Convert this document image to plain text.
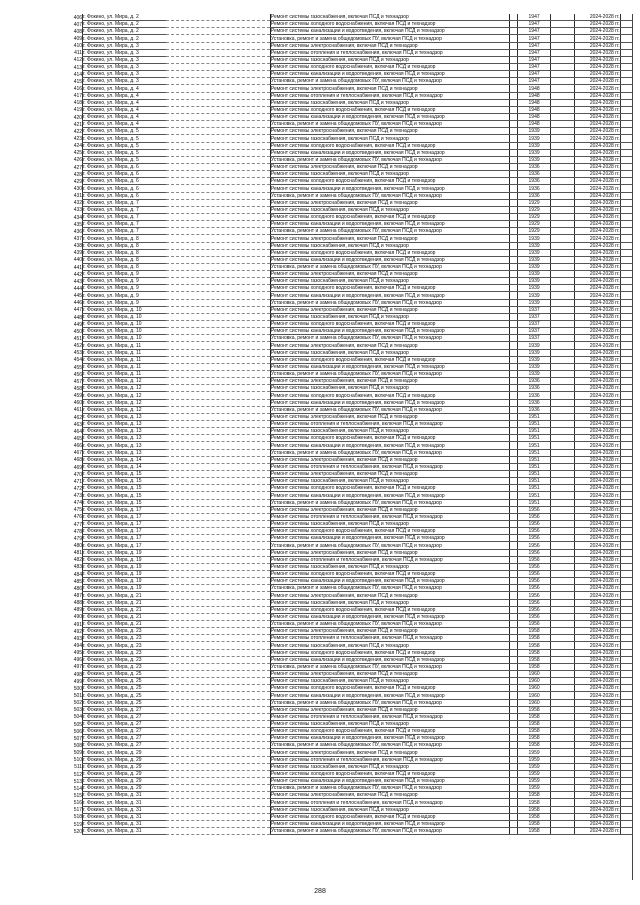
406	г. Фокино, ул. Мира, д. 2		Ремонт системы газоснабжения, включая ПСД и технадзор		1947		2024-2028 гг.	
407	г. Фокино, ул. Мира, д. 2		Ремонт системы холодного водоснабжения, включая ПСД и технадзор		1947		2024-2028 гг.	
408	г. Фокино, ул. Мира, д. 2		Ремонт системы канализации и водоотведения, включая ПСД и технадзор		1947		2024-2028 гг.	
409	г. Фокино, ул. Мира, д. 2		Установка, ремонт и замена общедомовых ПУ, включая ПСД и технадзор		1947		2024-2028 гг.	
410	г. Фокино, ул. Мира, д. 3		Ремонт системы электроснабжения, включая ПСД и технадзор		1947		2024-2028 гг.	
411	г. Фокино, ул. Мира, д. 3		Ремонт системы отопления и теплоснабжения, включая ПСД и технадзор		1947		2024-2028 гг.	
412	г. Фокино, ул. Мира, д. 3		Ремонт системы газоснабжения, включая ПСД и технадзор		1947		2024-2028 гг.	
413	г. Фокино, ул. Мира, д. 3		Ремонт системы холодного водоснабжения, включая ПСД и технадзор		1947		2024-2028 гг.	
414	г. Фокино, ул. Мира, д. 3		Ремонт системы канализации и водоотведения, включая ПСД и технадзор		1947		2024-2028 гг.	
415	г. Фокино, ул. Мира, д. 3		Установка, ремонт и замена общедомовых ПУ, включая ПСД и технадзор		1947		2024-2028 гг.	
416	г. Фокино, ул. Мира, д. 4		Ремонт системы электроснабжения, включая ПСД и технадзор		1948		2024-2028 гг.	
417	г. Фокино, ул. Мира, д. 4		Ремонт системы отопления и теплоснабжения, включая ПСД и технадзор		1948		2024-2028 гг.	
418	г. Фокино, ул. Мира, д. 4		Ремонт системы газоснабжения, включая ПСД и технадзор		1948		2024-2028 гг.	
419	г. Фокино, ул. Мира, д. 4		Ремонт системы холодного водоснабжения, включая ПСД и технадзор		1948		2024-2028 гг.	
420	г. Фокино, ул. Мира, д. 4		Ремонт системы канализации и водоотведения, включая ПСД и технадзор		1948		2024-2028 гг.	
421	г. Фокино, ул. Мира, д. 4		Установка, ремонт и замена общедомовых ПУ, включая ПСД и технадзор		1948		2024-2028 гг.	
422	г. Фокино, ул. Мира, д. 5		Ремонт системы электроснабжения, включая ПСД и технадзор		1939		2024-2028 гг.	
423	г. Фокино, ул. Мира, д. 5		Ремонт системы газоснабжения, включая ПСД и технадзор		1939		2024-2028 гг.	
424	г. Фокино, ул. Мира, д. 5		Ремонт системы холодного водоснабжения, включая ПСД и технадзор		1939		2024-2028 гг.	
425	г. Фокино, ул. Мира, д. 5		Ремонт системы канализации и водоотведения, включая ПСД и технадзор		1939		2024-2028 гг.	
426	г. Фокино, ул. Мира, д. 5		Установка, ремонт и замена общедомовых ПУ, включая ПСД и технадзор		1939		2024-2028 гг.	
427	г. Фокино, ул. Мира, д. 6		Ремонт системы электроснабжения, включая ПСД и технадзор		1936		2024-2028 гг.	
428	г. Фокино, ул. Мира, д. 6		Ремонт системы газоснабжения, включая ПСД и технадзор		1936		2024-2028 гг.	
429	г. Фокино, ул. Мира, д. 6		Ремонт системы холодного водоснабжения, включая ПСД и технадзор		1936		2024-2028 гг.	
430	г. Фокино, ул. Мира, д. 6		Ремонт системы канализации и водоотведения, включая ПСД и технадзор		1936		2024-2028 гг.	
431	г. Фокино, ул. Мира, д. 6		Установка, ремонт и замена общедомовых ПУ, включая ПСД и технадзор		1936		2024-2028 гг.	
432	г. Фокино, ул. Мира, д. 7		Ремонт системы электроснабжения, включая ПСД и технадзор		1929		2024-2028 гг.	
433	г. Фокино, ул. Мира, д. 7		Ремонт системы газоснабжения, включая ПСД и технадзор		1929		2024-2028 гг.	
434	г. Фокино, ул. Мира, д. 7		Ремонт системы холодного водоснабжения, включая ПСД и технадзор		1929		2024-2028 гг.	
435	г. Фокино, ул. Мира, д. 7		Ремонт системы канализации и водоотведения, включая ПСД и технадзор		1929		2024-2028 гг.	
436	г. Фокино, ул. Мира, д. 7		Установка, ремонт и замена общедомовых ПУ, включая ПСД и технадзор		1929		2024-2028 гг.	
437	г. Фокино, ул. Мира, д. 8		Ремонт системы электроснабжения, включая ПСД и технадзор		1939		2024-2028 гг.	
438	г. Фокино, ул. Мира, д. 8		Ремонт системы газоснабжения, включая ПСД и технадзор		1939		2024-2028 гг.	
439	г. Фокино, ул. Мира, д. 8		Ремонт системы холодного водоснабжения, включая ПСД и технадзор		1939		2024-2028 гг.	
440	г. Фокино, ул. Мира, д. 8		Ремонт системы канализации и водоотведения, включая ПСД и технадзор		1939		2024-2028 гг.	
441	г. Фокино, ул. Мира, д. 8		Установка, ремонт и замена общедомовых ПУ, включая ПСД и технадзор		1939		2024-2028 гг.	
442	г. Фокино, ул. Мира, д. 9		Ремонт системы электроснабжения, включая ПСД и технадзор		1939		2024-2028 гг.	
443	г. Фокино, ул. Мира, д. 9		Ремонт системы газоснабжения, включая ПСД и технадзор		1939		2024-2028 гг.	
444	г. Фокино, ул. Мира, д. 9		Ремонт системы холодного водоснабжения, включая ПСД и технадзор		1939		2024-2028 гг.	
445	г. Фокино, ул. Мира, д. 9		Ремонт системы канализации и водоотведения, включая ПСД и технадзор		1939		2024-2028 гг.	
446	г. Фокино, ул. Мира, д. 9		Установка, ремонт и замена общедомовых ПУ, включая ПСД и технадзор		1939		2024-2028 гг.	
447	г. Фокино, ул. Мира, д. 10		Ремонт системы электроснабжения, включая ПСД и технадзор		1937		2024-2028 гг.	
448	г. Фокино, ул. Мира, д. 10		Ремонт системы газоснабжения, включая ПСД и технадзор		1937		2024-2028 гг.	
449	г. Фокино, ул. Мира, д. 10		Ремонт системы холодного водоснабжения, включая ПСД и технадзор		1937		2024-2028 гг.	
450	г. Фокино, ул. Мира, д. 10		Ремонт системы канализации и водоотведения, включая ПСД и технадзор		1937		2024-2028 гг.	
451	г. Фокино, ул. Мира, д. 10		Установка, ремонт и замена общедомовых ПУ, включая ПСД и технадзор		1937		2024-2028 гг.	
452	г. Фокино, ул. Мира, д. 11		Ремонт системы электроснабжения, включая ПСД и технадзор		1939		2024-2028 гг.	
453	г. Фокино, ул. Мира, д. 11		Ремонт системы газоснабжения, включая ПСД и технадзор		1939		2024-2028 гг.	
454	г. Фокино, ул. Мира, д. 11		Ремонт системы холодного водоснабжения, включая ПСД и технадзор		1939		2024-2028 гг.	
455	г. Фокино, ул. Мира, д. 11		Ремонт системы канализации и водоотведения, включая ПСД и технадзор		1939		2024-2028 гг.	
456	г. Фокино, ул. Мира, д. 11		Установка, ремонт и замена общедомовых ПУ, включая ПСД и технадзор		1939		2024-2028 гг.	
457	г. Фокино, ул. Мира, д. 12		Ремонт системы электроснабжения, включая ПСД и технадзор		1936		2024-2028 гг.	
458	г. Фокино, ул. Мира, д. 12		Ремонт системы газоснабжения, включая ПСД и технадзор		1936		2024-2028 гг.	
459	г. Фокино, ул. Мира, д. 12		Ремонт системы холодного водоснабжения, включая ПСД и технадзор		1936		2024-2028 гг.	
460	г. Фокино, ул. Мира, д. 12		Ремонт системы канализации и водоотведения, включая ПСД и технадзор		1936		2024-2028 гг.	
461	г. Фокино, ул. Мира, д. 12		Установка, ремонт и замена общедомовых ПУ, включая ПСД и технадзор		1936		2024-2028 гг.	
462	г. Фокино, ул. Мира, д. 13		Ремонт системы электроснабжения, включая ПСД и технадзор		1951		2024-2028 гг.	
463	г. Фокино, ул. Мира, д. 13		Ремонт системы отопления и теплоснабжения, включая ПСД и технадзор		1951		2024-2028 гг.	
464	г. Фокино, ул. Мира, д. 13		Ремонт системы газоснабжения, включая ПСД и технадзор		1951		2024-2028 гг.	
465	г. Фокино, ул. Мира, д. 13		Ремонт системы холодного водоснабжения, включая ПСД и технадзор		1951		2024-2028 гг.	
466	г. Фокино, ул. Мира, д. 13		Ремонт системы канализации и водоотведения, включая ПСД и технадзор		1951		2024-2028 гг.	
467	г. Фокино, ул. Мира, д. 13		Установка, ремонт и замена общедомовых ПУ, включая ПСД и технадзор		1951		2024-2028 гг.	
468	г. Фокино, ул. Мира, д. 14		Ремонт системы электроснабжения, включая ПСД и технадзор		1951		2024-2028 гг.	
469	г. Фокино, ул. Мира, д. 14		Ремонт системы отопления и теплоснабжения, включая ПСД и технадзор		1951		2024-2028 гг.	
470	г. Фокино, ул. Мира, д. 15		Ремонт системы электроснабжения, включая ПСД и технадзор		1951		2024-2028 гг.	
471	г. Фокино, ул. Мира, д. 15		Ремонт системы газоснабжения, включая ПСД и технадзор		1951		2024-2028 гг.	
472	г. Фокино, ул. Мира, д. 15		Ремонт системы холодного водоснабжения, включая ПСД и технадзор		1951		2024-2028 гг.	
473	г. Фокино, ул. Мира, д. 15		Ремонт системы канализации и водоотведения, включая ПСД и технадзор		1951		2024-2028 гг.	
474	г. Фокино, ул. Мира, д. 15		Установка, ремонт и замена общедомовых ПУ, включая ПСД и технадзор		1951		2024-2028 гг.	
475	г. Фокино, ул. Мира, д. 17		Ремонт системы электроснабжения, включая ПСД и технадзор		1956		2024-2028 гг.	
476	г. Фокино, ул. Мира, д. 17		Ремонт системы отопления и теплоснабжения, включая ПСД и технадзор		1956		2024-2028 гг.	
477	г. Фокино, ул. Мира, д. 17		Ремонт системы газоснабжения, включая ПСД и технадзор		1956		2024-2028 гг.	
478	г. Фокино, ул. Мира, д. 17		Ремонт системы холодного водоснабжения, включая ПСД и технадзор		1956		2024-2028 гг.	
479	г. Фокино, ул. Мира, д. 17		Ремонт системы канализации и водоотведения, включая ПСД и технадзор		1956		2024-2028 гг.	
480	г. Фокино, ул. Мира, д. 17		Установка, ремонт и замена общедомовых ПУ, включая ПСД и технадзор		1956		2024-2028 гг.	
481	г. Фокино, ул. Мира, д. 19		Ремонт системы электроснабжения, включая ПСД и технадзор		1956		2024-2028 гг.	
482	г. Фокино, ул. Мира, д. 19		Ремонт системы отопления и теплоснабжения, включая ПСД и технадзор		1956		2024-2028 гг.	
483	г. Фокино, ул. Мира, д. 19		Ремонт системы газоснабжения, включая ПСД и технадзор		1956		2024-2028 гг.	
484	г. Фокино, ул. Мира, д. 19		Ремонт системы холодного водоснабжения, включая ПСД и технадзор		1956		2024-2028 гг.	
485	г. Фокино, ул. Мира, д. 19		Ремонт системы канализации и водоотведения, включая ПСД и технадзор		1956		2024-2028 гг.	
486	г. Фокино, ул. Мира, д. 19		Установка, ремонт и замена общедомовых ПУ, включая ПСД и технадзор		1956		2024-2028 гг.	
487	г. Фокино, ул. Мира, д. 21		Ремонт системы электроснабжения, включая ПСД и технадзор		1956		2024-2028 гг.	
488	г. Фокино, ул. Мира, д. 21		Ремонт системы газоснабжения, включая ПСД и технадзор		1956		2024-2028 гг.	
489	г. Фокино, ул. Мира, д. 21		Ремонт системы холодного водоснабжения, включая ПСД и технадзор		1956		2024-2028 гг.	
490	г. Фокино, ул. Мира, д. 21		Ремонт системы канализации и водоотведения, включая ПСД и технадзор		1956		2024-2028 гг.	
491	г. Фокино, ул. Мира, д. 21		Установка, ремонт и замена общедомовых ПУ, включая ПСД и технадзор		1956		2024-2028 гг.	
492	г. Фокино, ул. Мира, д. 23		Ремонт системы электроснабжения, включая ПСД и технадзор		1958		2024-2028 гг.	
493	г. Фокино, ул. Мира, д. 23		Ремонт системы отопления и теплоснабжения, включая ПСД и технадзор		1958		2024-2028 гг.	
494	г. Фокино, ул. Мира, д. 23		Ремонт системы газоснабжения, включая ПСД и технадзор		1958		2024-2028 гг.	
495	г. Фокино, ул. Мира, д. 23		Ремонт системы холодного водоснабжения, включая ПСД и технадзор		1958		2024-2028 гг.	
496	г. Фокино, ул. Мира, д. 23		Ремонт системы канализации и водоотведения, включая ПСД и технадзор		1958		2024-2028 гг.	
497	г. Фокино, ул. Мира, д. 23		Установка, ремонт и замена общедомовых ПУ, включая ПСД и технадзор		1958		2024-2028 гг.	
498	г. Фокино, ул. Мира, д. 25		Ремонт системы электроснабжения, включая ПСД и технадзор		1960		2024-2028 гг.	
499	г. Фокино, ул. Мира, д. 25		Ремонт системы газоснабжения, включая ПСД и технадзор		1960		2024-2028 гг.	
500	г. Фокино, ул. Мира, д. 25		Ремонт системы холодного водоснабжения, включая ПСД и технадзор		1960		2024-2028 гг.	
501	г. Фокино, ул. Мира, д. 25		Ремонт системы канализации и водоотведения, включая ПСД и технадзор		1960		2024-2028 гг.	
502	г. Фокино, ул. Мира, д. 25		Установка, ремонт и замена общедомовых ПУ, включая ПСД и технадзор		1960		2024-2028 гг.	
503	г. Фокино, ул. Мира, д. 27		Ремонт системы электроснабжения, включая ПСД и технадзор		1958		2024-2028 гг.	
504	г. Фокино, ул. Мира, д. 27		Ремонт системы отопления и теплоснабжения, включая ПСД и технадзор		1958		2024-2028 гг.	
505	г. Фокино, ул. Мира, д. 27		Ремонт системы газоснабжения, включая ПСД и технадзор		1958		2024-2028 гг.	
506	г. Фокино, ул. Мира, д. 27		Ремонт системы холодного водоснабжения, включая ПСД и технадзор		1958		2024-2028 гг.	
507	г. Фокино, ул. Мира, д. 27		Ремонт системы канализации и водоотведения, включая ПСД и технадзор		1958		2024-2028 гг.	
508	г. Фокино, ул. Мира, д. 27		Установка, ремонт и замена общедомовых ПУ, включая ПСД и технадзор		1958		2024-2028 гг.	
509	г. Фокино, ул. Мира, д. 29		Ремонт системы электроснабжения, включая ПСД и технадзор		1959		2024-2028 гг.	
510	г. Фокино, ул. Мира, д. 29		Ремонт системы отопления и теплоснабжения, включая ПСД и технадзор		1959		2024-2028 гг.	
511	г. Фокино, ул. Мира, д. 29		Ремонт системы газоснабжения, включая ПСД и технадзор		1959		2024-2028 гг.	
512	г. Фокино, ул. Мира, д. 29		Ремонт системы холодного водоснабжения, включая ПСД и технадзор		1959		2024-2028 гг.	
513	г. Фокино, ул. Мира, д. 29		Ремонт системы канализации и водоотведения, включая ПСД и технадзор		1959		2024-2028 гг.	
514	г. Фокино, ул. Мира, д. 29		Установка, ремонт и замена общедомовых ПУ, включая ПСД и технадзор		1959		2024-2028 гг.	
515	г. Фокино, ул. Мира, д. 31		Ремонт системы электроснабжения, включая ПСД и технадзор		1958		2024-2028 гг.	
516	г. Фокино, ул. Мира, д. 31		Ремонт системы отопления и теплоснабжения, включая ПСД и технадзор		1958		2024-2028 гг.	
517	г. Фокино, ул. Мира, д. 31		Ремонт системы газоснабжения, включая ПСД и технадзор		1958		2024-2028 гг.	
518	г. Фокино, ул. Мира, д. 31		Ремонт системы холодного водоснабжения, включая ПСД и технадзор		1958		2024-2028 гг.	
519	г. Фокино, ул. Мира, д. 31		Ремонт системы канализации и водоотведения, включая ПСД и технадзор		1958		2024-2028 гг.	
520	г. Фокино, ул. Мира, д. 31		Установка, ремонт и замена общедомовых ПУ, включая ПСД и технадзор		1958		2024-2028 гг.	
288
